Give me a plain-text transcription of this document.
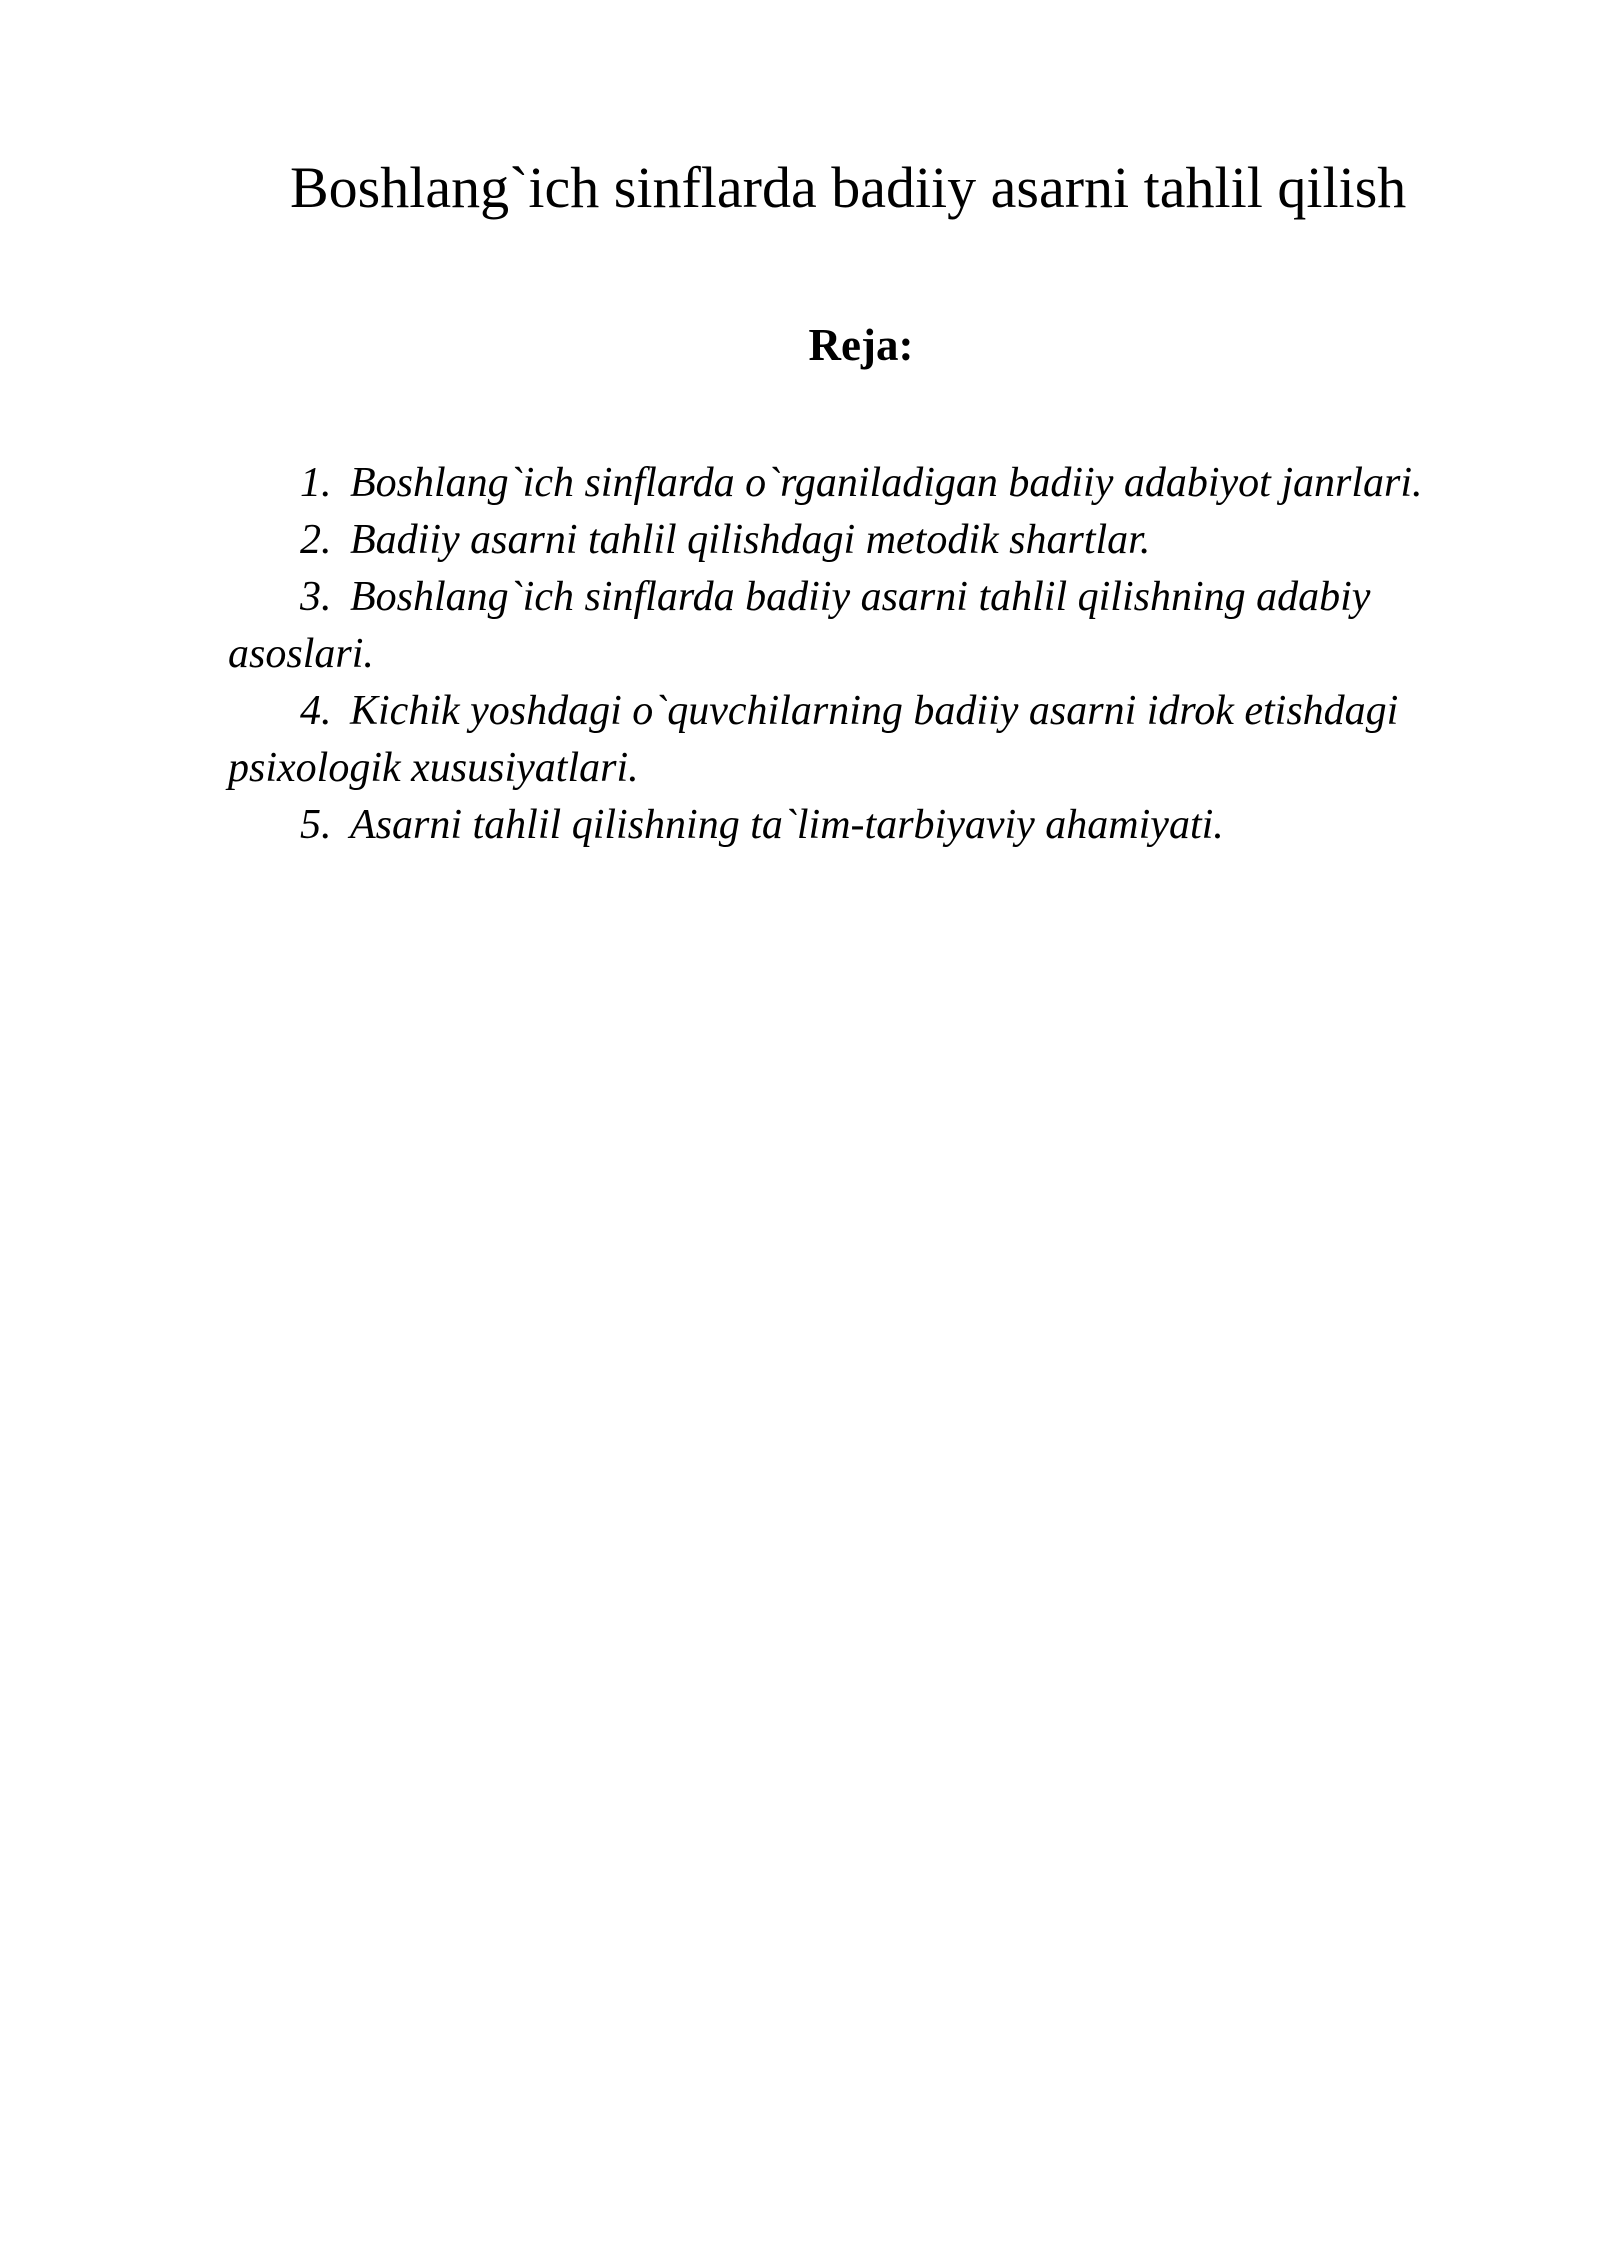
Boshlang`ich sinflarda badiiy asarni tahlil qilish
Reja:
1. Boshlang`ich sinflarda o`rganiladigan badiiy adabiyot janrlari.
2. Badiiy asarni tahlil qilishdagi metodik shartlar.
3. Boshlang`ich sinflarda badiiy asarni tahlil qilishning adabiy asoslari.
4. Kichik yoshdagi o`quvchilarning badiiy asarni idrok etishdagi psixologik xususiyatlari.
5. Asarni tahlil qilishning ta`lim-tarbiyaviy ahamiyati.
